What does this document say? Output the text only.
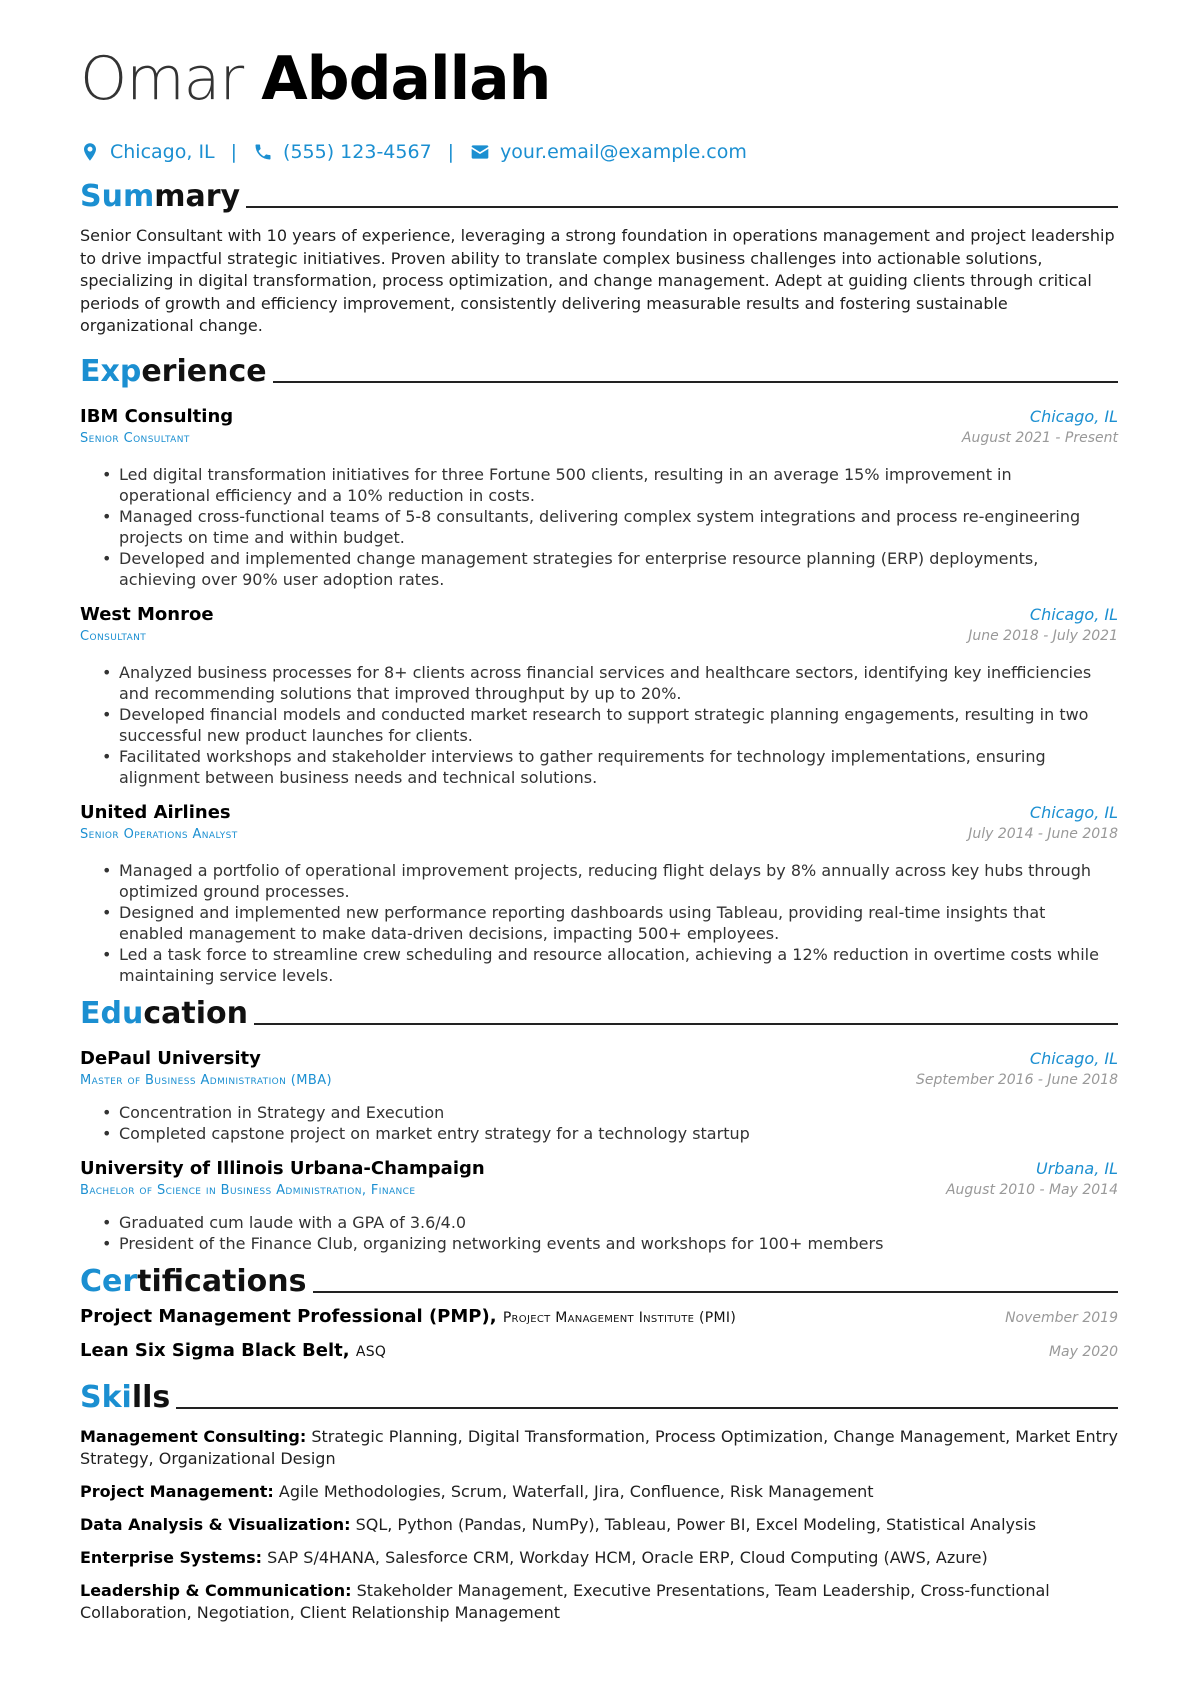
Omar Abdallah
Chicago, IL | (555) 123-4567 | your.email@example.com
Summary

Senior Consultant with 10 years of experience, leveraging a strong foundation in operations management and project leadership to drive impactful strategic initiatives. Proven ability to translate complex business challenges into actionable solutions, specializing in digital transformation, process optimization, and change management. Adept at guiding clients through critical periods of growth and efficiency improvement, consistently delivering measurable results and fostering sustainable organizational change.

Experience
IBM Consulting	Chicago, IL
Senior Consultant	August 2021 - Present
• Led digital transformation initiatives for three Fortune 500 clients, resulting in an average 15% improvement in operational efficiency and a 10% reduction in costs.
• Managed cross-functional teams of 5-8 consultants, delivering complex system integrations and process re-engineering projects on time and within budget.
• Developed and implemented change management strategies for enterprise resource planning (ERP) deployments, achieving over 90% user adoption rates.
West Monroe	Chicago, IL
Consultant	June 2018 - July 2021
• Analyzed business processes for 8+ clients across financial services and healthcare sectors, identifying key inefficiencies and recommending solutions that improved throughput by up to 20%.
• Developed financial models and conducted market research to support strategic planning engagements, resulting in two successful new product launches for clients.
• Facilitated workshops and stakeholder interviews to gather requirements for technology implementations, ensuring alignment between business needs and technical solutions.
United Airlines	Chicago, IL
Senior Operations Analyst	July 2014 - June 2018
• Managed a portfolio of operational improvement projects, reducing flight delays by 8% annually across key hubs through optimized ground processes.
• Designed and implemented new performance reporting dashboards using Tableau, providing real-time insights that enabled management to make data-driven decisions, impacting 500+ employees.
• Led a task force to streamline crew scheduling and resource allocation, achieving a 12% reduction in overtime costs while maintaining service levels.
Education
DePaul University	Chicago, IL
Master of Business Administration (MBA)	September 2016 - June 2018
• Concentration in Strategy and Execution
• Completed capstone project on market entry strategy for a technology startup
University of Illinois Urbana-Champaign	Urbana, IL
Bachelor of Science in Business Administration, Finance	August 2010 - May 2014
• Graduated cum laude with a GPA of 3.6/4.0
• President of the Finance Club, organizing networking events and workshops for 100+ members
Certifications
Project Management Professional (PMP), Project Management Institute (PMI)	November 2019
Lean Six Sigma Black Belt, ASQ	May 2020
Skills

Management Consulting: Strategic Planning, Digital Transformation, Process Optimization, Change Management, Market Entry Strategy, Organizational Design

Project Management: Agile Methodologies, Scrum, Waterfall, Jira, Confluence, Risk Management

Data Analysis & Visualization: SQL, Python (Pandas, NumPy), Tableau, Power BI, Excel Modeling, Statistical Analysis

Enterprise Systems: SAP S/4HANA, Salesforce CRM, Workday HCM, Oracle ERP, Cloud Computing (AWS, Azure)

Leadership & Communication: Stakeholder Management, Executive Presentations, Team Leadership, Cross-functional Collaboration, Negotiation, Client Relationship Management
